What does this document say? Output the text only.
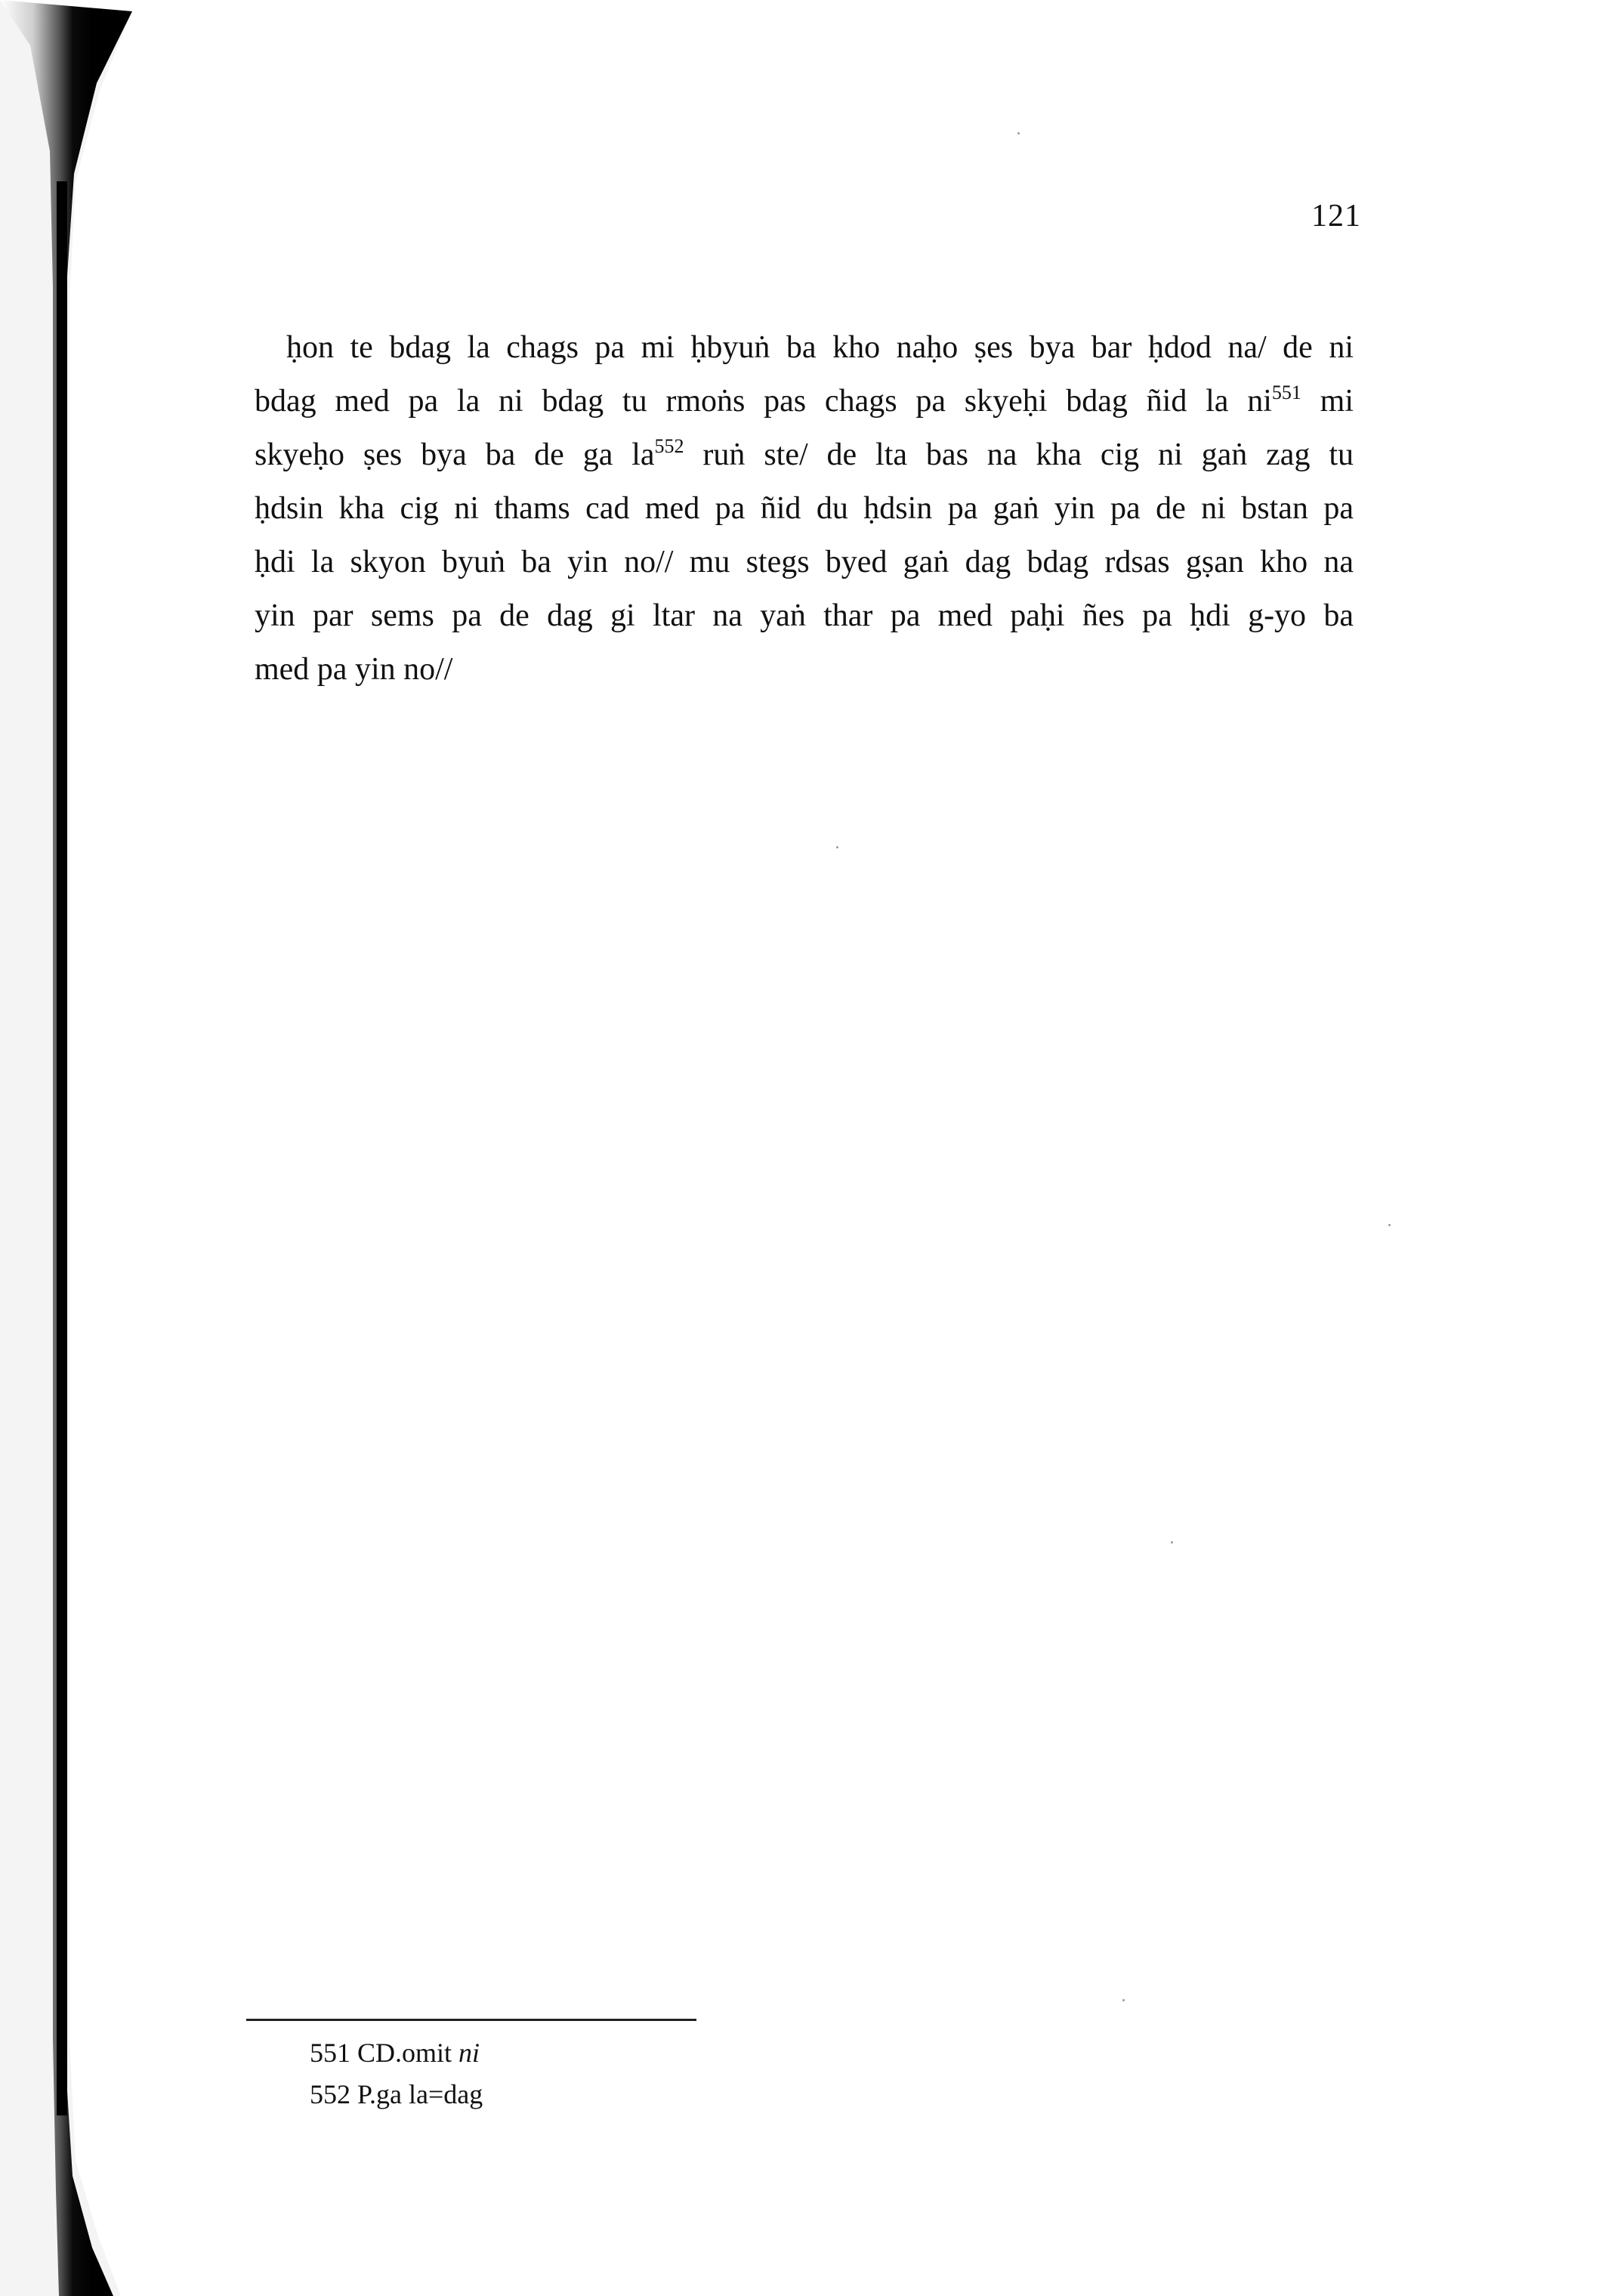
121
ḥon te bdag la chags pa mi ḥbyuṅ ba kho naḥo ṣes bya bar ḥdod na/ de ni
bdag med pa la ni bdag tu rmoṅs pas chags pa skyeḥi bdag ñid la $ni^{551}$ mi
skyeḥo ṣes bya ba de ga $la^{552}$ ruṅ ste/ de lta bas na kha cig ni gaṅ zag tu
ḥdsin kha cig ni thams cad med pa ñid du ḥdsin pa gaṅ yin pa de ni bstan pa
ḥdi la skyon byuṅ ba yin no// mu stegs byed gaṅ dag bdag rdsas gṣan kho na
yin par sems pa de dag gi ltar na yaṅ thar pa med paḥi ñes pa ḥdi g-yo ba
med pa yin no//
551 CD.omit ni
552 P.ga la=dag
